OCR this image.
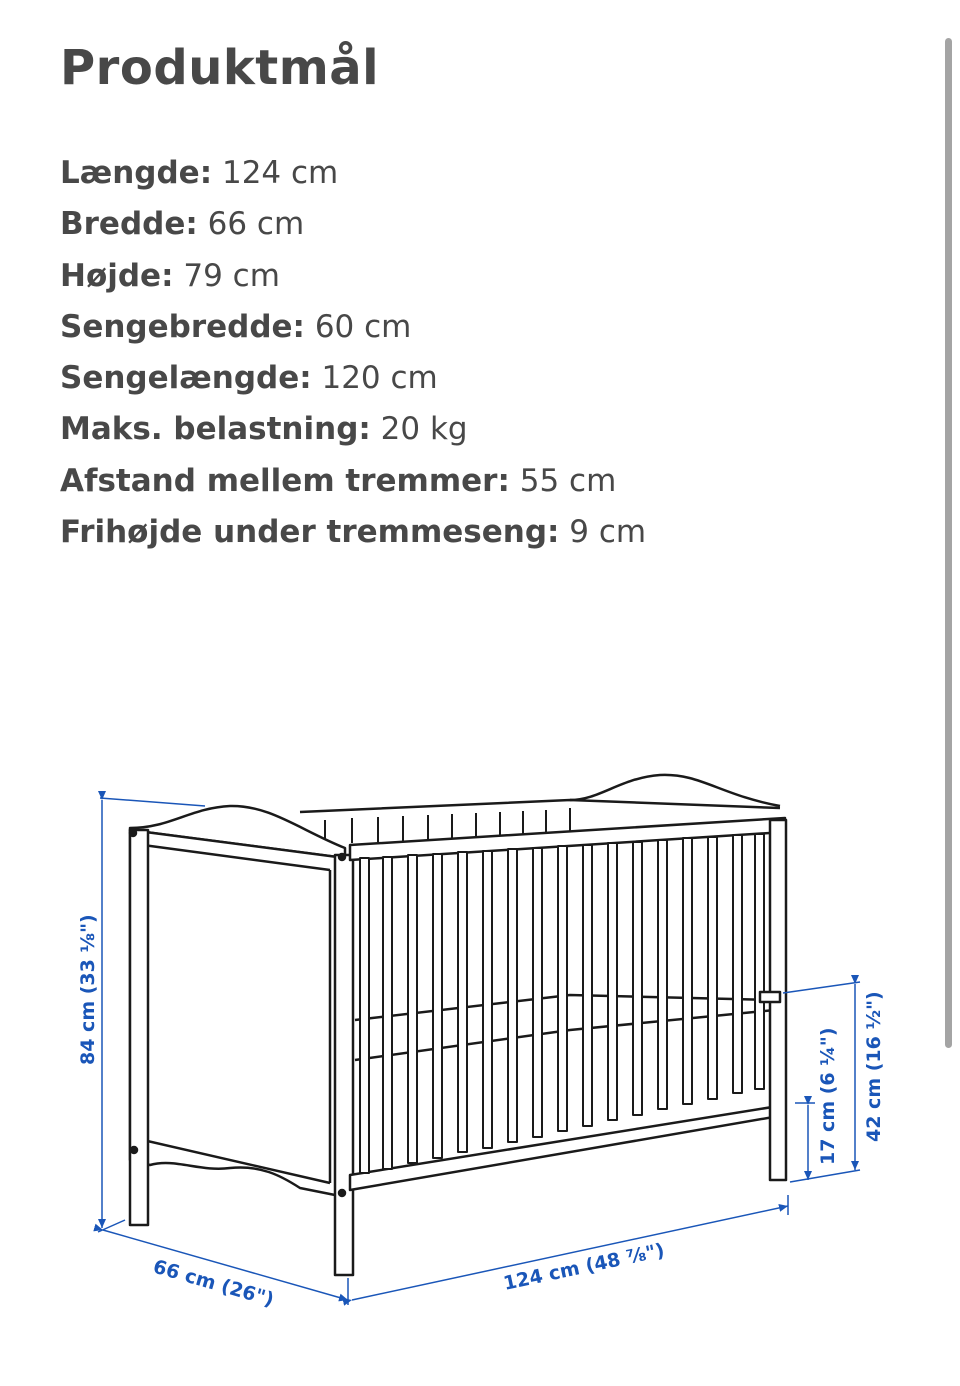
Produktmål
Længde: 124 cm
Bredde: 66 cm
Højde: 79 cm
Sengebredde: 60 cm
Sengelængde: 120 cm
Maks. belastning: 20 kg
Afstand mellem tremmer: 55 cm
Frihøjde under tremmeseng: 9 cm
84 cm (33 ⅛")
66 cm (26")	124 cm (48 ⅞")
17 cm (6 ¼") 42 cm (16 ½")
